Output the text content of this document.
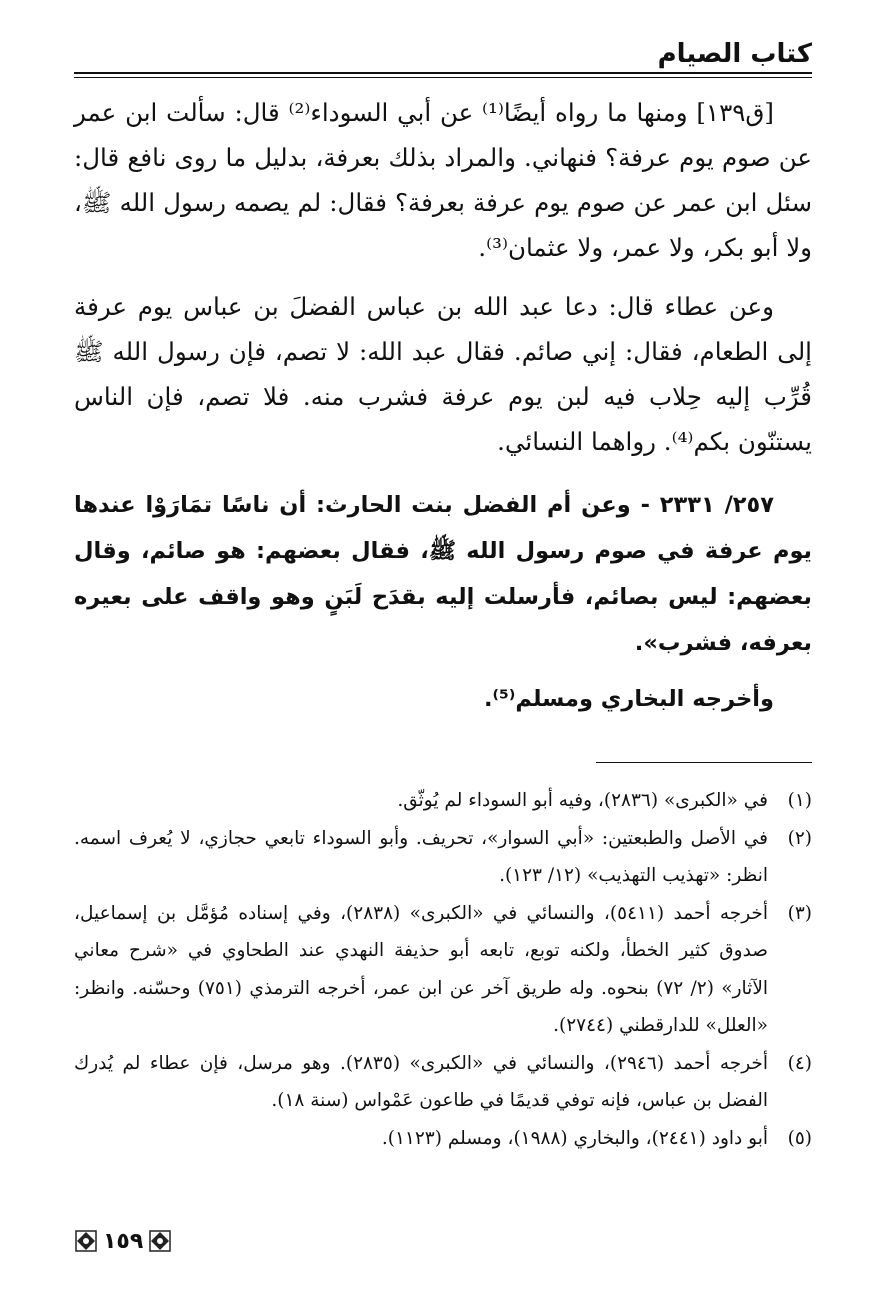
كتاب الصيام
[ق١٣٩] ومنها ما رواه أيضًا⁽¹⁾ عن أبي السوداء⁽²⁾ قال: سألت ابن عمر عن صوم يوم عرفة؟ فنهاني. والمراد بذلك بعرفة، بدليل ما روى نافع قال: سئل ابن عمر عن صوم يوم عرفة بعرفة؟ فقال: لم يصمه رسول الله ﷺ، ولا أبو بكر، ولا عمر، ولا عثمان⁽³⁾.
وعن عطاء قال: دعا عبد الله بن عباس الفضلَ بن عباس يوم عرفة إلى الطعام، فقال: إني صائم. فقال عبد الله: لا تصم، فإن رسول الله ﷺ قُرِّب إليه حِلاب فيه لبن يوم عرفة فشرب منه. فلا تصم، فإن الناس يستنّون بكم⁽⁴⁾. رواهما النسائي.
٢٥٧/ ٢٣٣١ - وعن أم الفضل بنت الحارث: أن ناسًا تمَارَوْا عندها يوم عرفة في صوم رسول الله ﷺ، فقال بعضهم: هو صائم، وقال بعضهم: ليس بصائم، فأرسلت إليه بقدَح لَبَنٍ وهو واقف على بعيره بعرفه، فشرب».
وأخرجه البخاري ومسلم⁽⁵⁾.
(١)
في «الكبرى» (٢٨٣٦)، وفيه أبو السوداء لم يُوثّق.
(٢)
في الأصل والطبعتين: «أبي السوار»، تحريف. وأبو السوداء تابعي حجازي، لا يُعرف اسمه. انظر: «تهذيب التهذيب» (١٢/ ١٢٣).
(٣)
أخرجه أحمد (٥٤١١)، والنسائي في «الكبرى» (٢٨٣٨)، وفي إسناده مُؤمَّل بن إسماعيل، صدوق كثير الخطأ، ولكنه توبع، تابعه أبو حذيفة النهدي عند الطحاوي في «شرح معاني الآثار» (٢/ ٧٢) بنحوه. وله طريق آخر عن ابن عمر، أخرجه الترمذي (٧٥١) وحسّنه. وانظر: «العلل» للدارقطني (٢٧٤٤).
(٤)
أخرجه أحمد (٢٩٤٦)، والنسائي في «الكبرى» (٢٨٣٥). وهو مرسل، فإن عطاء لم يُدرك الفضل بن عباس، فإنه توفي قديمًا في طاعون عَمْواس (سنة ١٨).
(٥)
أبو داود (٢٤٤١)، والبخاري (١٩٨٨)، ومسلم (١١٢٣).
١٥٩
